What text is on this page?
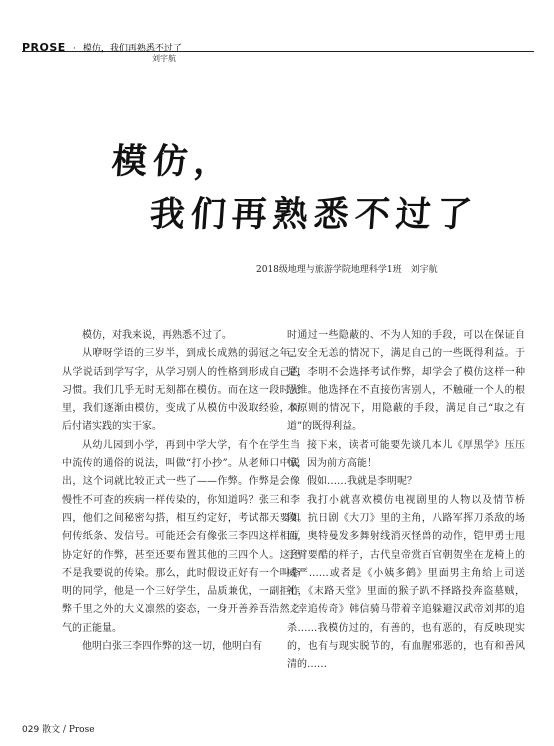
PROSE · 模仿，我们再熟悉不过了
刘宇航
模仿，
我们再熟悉不过了
2018级地理与旅游学院地理科学1班　刘宇航

模仿，对我来说，再熟悉不过了。

从咿呀学语的三岁半，到成长成熟的弱冠之年。从学说话到学写字，从学习别人的性格到形成自己的习惯。我们几乎无时无刻都在模仿。而在这一段时光里，我们逐渐由模仿，变成了从模仿中汲取经验，而后付诸实践的实干家。

从幼儿园到小学，再到中学大学，有个在学生当中流传的通俗的说法，叫做“打小抄”。从老师口中说出，这个词就比较正式一些了——作弊。作弊是会像慢性不可查的疾病一样传染的，你知道吗？张三和李四，他们之间秘密勾搭，相互约定好，考试都天要如何传纸条、发信号。可能还会有像张三李四这样相互协定好的作弊，甚至还要布置其他的三四个人。这还不是我要说的传染。那么，此时假设正好有一个叫李明的同学，他是一个三好学生，品质兼优，一副拒作弊千里之外的大义凛然的姿态，一身开善养吾浩然之气的正能量。

他明白张三李四作弊的这一切，他明白有

时通过一些隐蔽的、不为人知的手段，可以在保证自己安全无恙的情况下，满足自己的一些既得利益。于是，李明不会选择考试作弊，却学会了模仿这样一种思维。他选择在不直接伤害别人，不触碰一个人的根本原则的情况下，用隐蔽的手段，满足自己“取之有道”的既得利益。

接下来，读者可能要先谈几本儿《厚黑学》压压惊，因为前方高能！

假如……我就是李明呢？

我打小就喜欢模仿电视剧里的人物以及情节桥段。抗日剧《大刀》里的主角，八路军挥刀杀敌的场面，奥特曼发多舞射线消灭怪兽的动作，铠甲勇士甩手臂要酷的样子，古代皇帝赏百官朝贺坐在龙椅上的威严……或者是《小姨多鹤》里面男主角给上司送礼，《末路天堂》里面的猴子趴不择路投奔盗墓贼，《幸追传奇》韩信骑马带着辛追躲避汉武帝刘邦的追杀……我模仿过的，有善的，也有恶的，有反映现实的，也有与现实脱节的，有血腥邪恶的，也有和善风清的……

029 散文 / Prose
